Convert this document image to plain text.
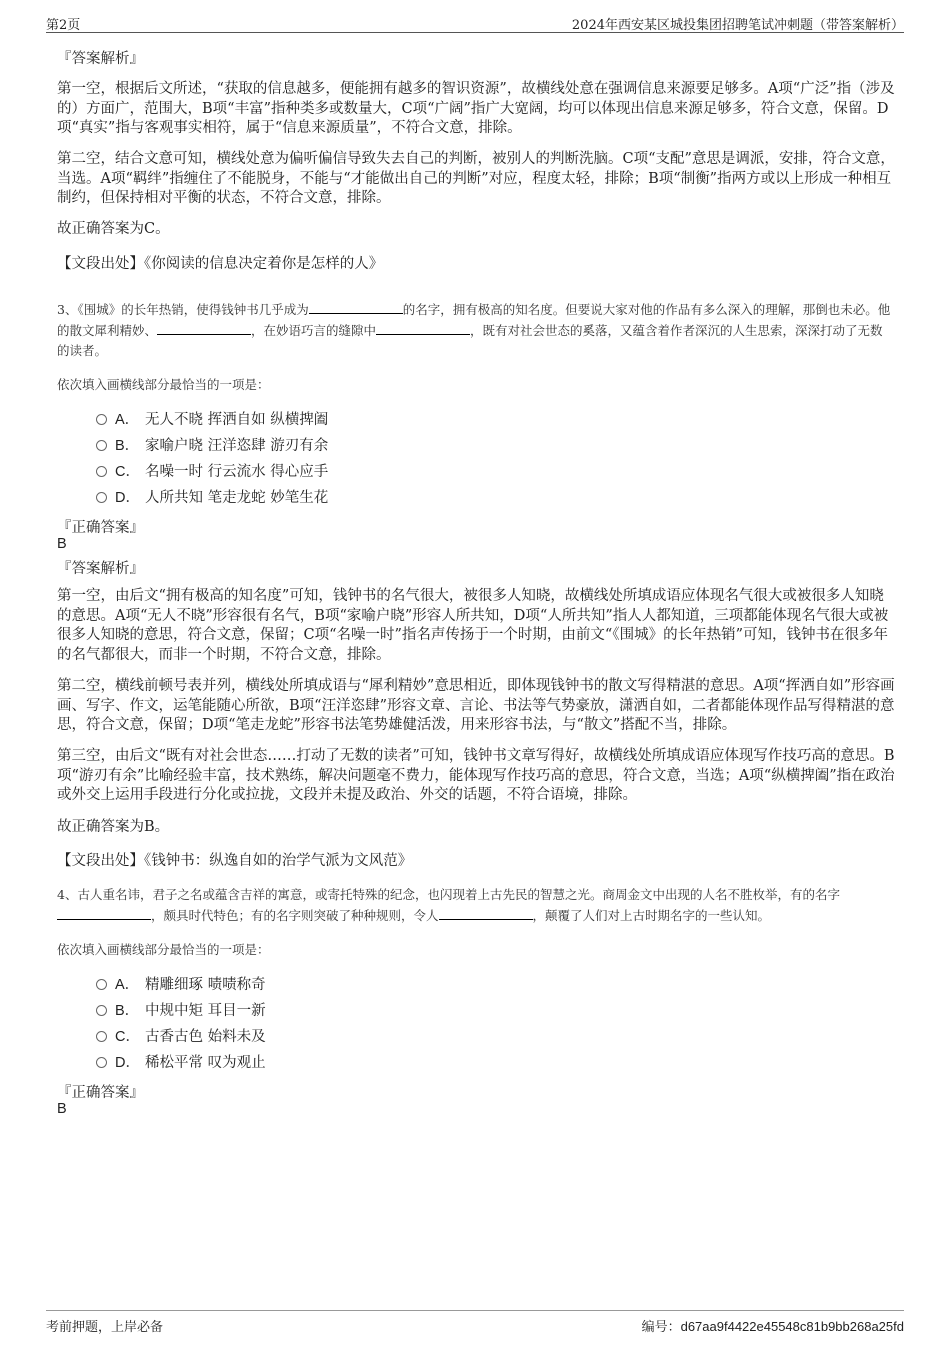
第2页	2024年西安某区城投集团招聘笔试冲刺题（带答案解析）

『答案解析』

第一空，根据后文所述，“获取的信息越多，便能拥有越多的智识资源”，故横线处意在强调信息来源要足够多。A项“广泛”指（涉及的）方面广，范围大，B项“丰富”指种类多或数量大，C项“广阔”指广大宽阔，均可以体现出信息来源足够多，符合文意，保留。D项“真实”指与客观事实相符，属于“信息来源质量”，不符合文意，排除。

第二空，结合文意可知，横线处意为偏听偏信导致失去自己的判断，被别人的判断洗脑。C项“支配”意思是调派，安排，符合文意，当选。A项“羁绊”指缠住了不能脱身，不能与“才能做出自己的判断”对应，程度太轻，排除；B项“制衡”指两方或以上形成一种相互制约，但保持相对平衡的状态，不符合文意，排除。

故正确答案为C。

【文段出处】《你阅读的信息决定着你是怎样的人》

3、《围城》的长年热销，使得钱钟书几乎成为	的名字，拥有极高的知名度。但要说大家对他的作品有多么深入的理解，那倒也未必。他的散文犀利精妙、	，在妙语巧言的缝隙中	，既有对社会世态的奚落，又蕴含着作者深沉的人生思索，深深打动了无数的读者。

依次填入画横线部分最恰当的一项是：

A． 无人不晓 挥洒自如 纵横捭阖
B． 家喻户晓 汪洋恣肆 游刃有余
C． 名噪一时 行云流水 得心应手
D． 人所共知 笔走龙蛇 妙笔生花
『正确答案』
B
『答案解析』

第一空，由后文“拥有极高的知名度”可知，钱钟书的名气很大，被很多人知晓，故横线处所填成语应体现名气很大或被很多人知晓的意思。A项“无人不晓”形容很有名气，B项“家喻户晓”形容人所共知，D项“人所共知”指人人都知道，三项都能体现名气很大或被很多人知晓的意思，符合文意，保留；C项“名噪一时”指名声传扬于一个时期，由前文“《围城》的长年热销”可知，钱钟书在很多年的名气都很大，而非一个时期，不符合文意，排除。

第二空，横线前顿号表并列，横线处所填成语与“犀利精妙”意思相近，即体现钱钟书的散文写得精湛的意思。A项“挥洒自如”形容画画、写字、作文，运笔能随心所欲，B项“汪洋恣肆”形容文章、言论、书法等气势豪放，潇洒自如，二者都能体现作品写得精湛的意思，符合文意，保留；D项“笔走龙蛇”形容书法笔势雄健活泼，用来形容书法，与“散文”搭配不当，排除。

第三空，由后文“既有对社会世态……打动了无数的读者”可知，钱钟书文章写得好，故横线处所填成语应体现写作技巧高的意思。B项“游刃有余”比喻经验丰富，技术熟练，解决问题毫不费力，能体现写作技巧高的意思，符合文意，当选；A项“纵横捭阖”指在政治或外交上运用手段进行分化或拉拢，文段并未提及政治、外交的话题，不符合语境，排除。

故正确答案为B。

【文段出处】《钱钟书：纵逸自如的治学气派为文风范》

4、古人重名讳，君子之名或蕴含吉祥的寓意，或寄托特殊的纪念，也闪现着上古先民的智慧之光。商周金文中出现的人名不胜枚举，有的名字，颇具时代特色；有的名字则突破了种种规则，令人	，颠覆了人们对上古时期名字的一些认知。

依次填入画横线部分最恰当的一项是：

A． 精雕细琢 啧啧称奇
B． 中规中矩 耳目一新
C． 古香古色 始料未及
D． 稀松平常 叹为观止
『正确答案』
B
考前押题，上岸必备	编号：d67aa9f4422e45548c81b9bb268a25fd
